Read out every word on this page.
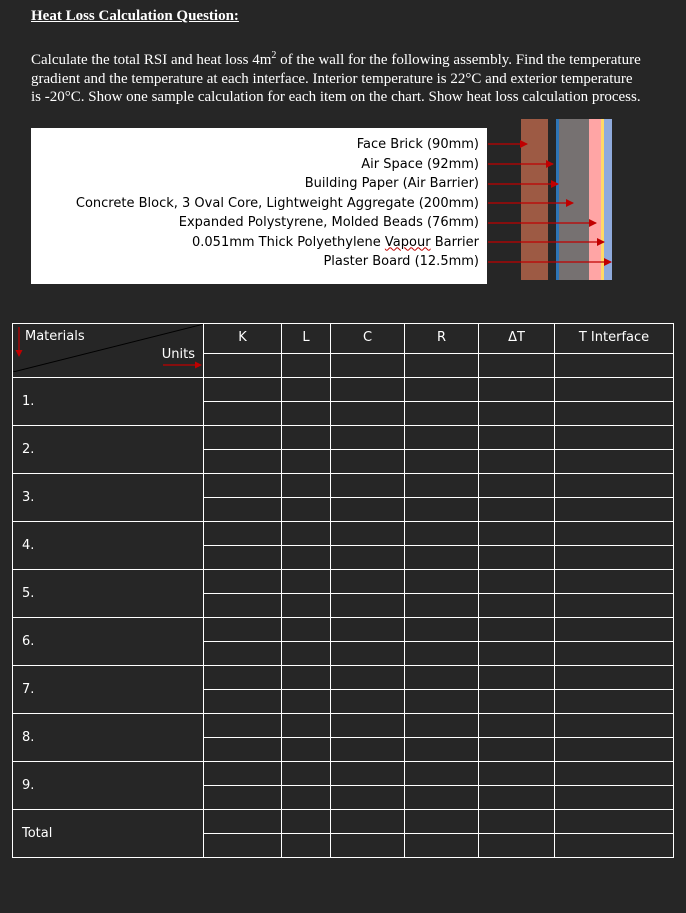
Heat Loss Calculation Question:
Calculate the total RSI and heat loss $4m^2$ of the wall for the following assembly. Find the temperature gradient and the temperature at each interface. Interior temperature is 22°C and exterior temperature is -20°C. Show one sample calculation for each item on the chart. Show heat loss calculation process.
Face Brick (90mm)
Air Space (92mm)
Building Paper (Air Barrier)
Concrete Block, 3 Oval Core, Lightweight Aggregate (200mm)
Expanded Polystyrene, Molded Beads (76mm)
0.051mm Thick Polyethylene Vapour Barrier
Plaster Board (12.5mm)
Materials
Units	K	L	C	R	ΔT	T Interface

1.						

2.						

3.						

4.						

5.						

6.						

7.						

8.						

9.						

Total						
